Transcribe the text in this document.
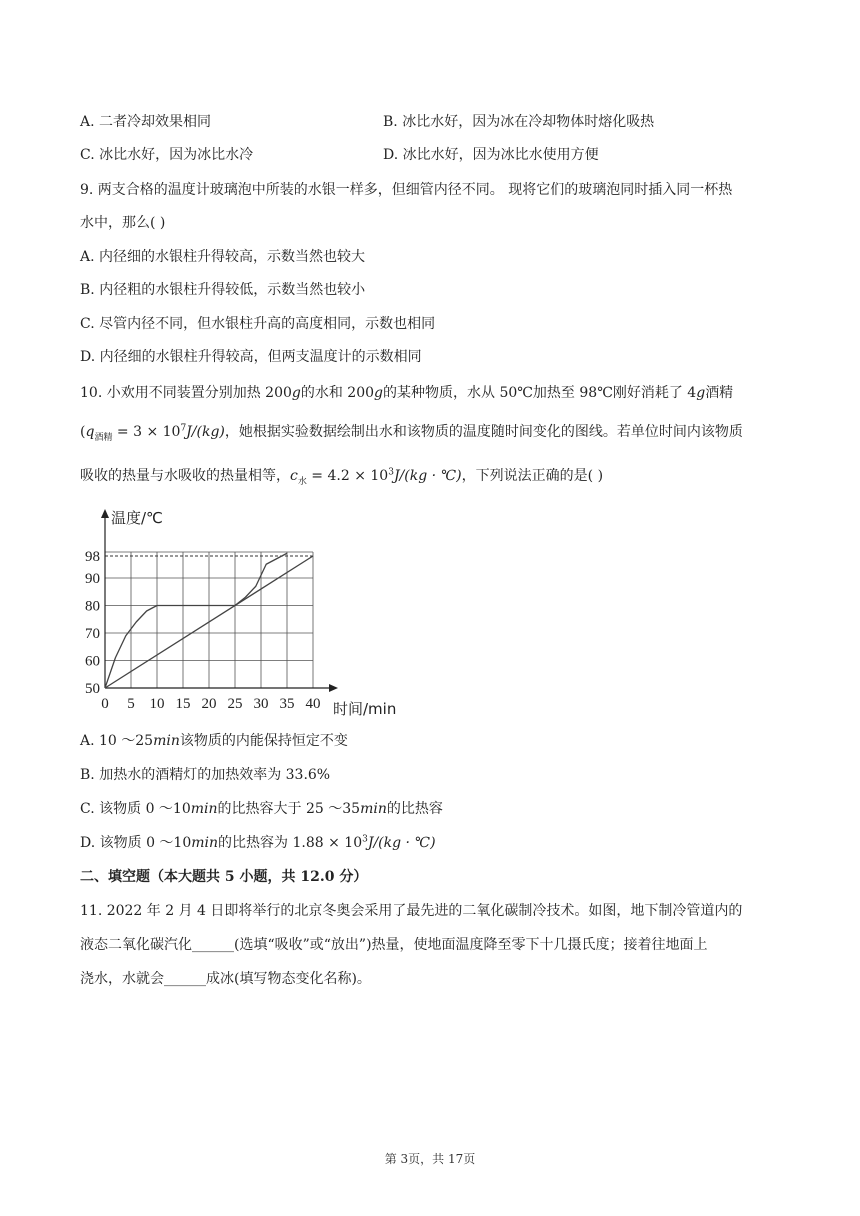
A. 二者冷却效果相同	B. 冰比水好，因为冰在冷却物体时熔化吸热
C. 冰比水好，因为冰比水冷	D. 冰比水好，因为冰比水使用方便
9. 两支合格的温度计玻璃泡中所装的水银一样多，但细管内径不同。 现将它们的玻璃泡同时插入同一杯热
水中，那么( )
A. 内径细的水银柱升得较高，示数当然也较大
B. 内径粗的水银柱升得较低，示数当然也较小
C. 尽管内径不同，但水银柱升高的高度相同，示数也相同
D. 内径细的水银柱升得较高，但两支温度计的示数相同
10. 小欢用不同装置分别加热 200g的水和 200g的某种物质，水从 50℃加热至 98℃刚好消耗了 4g酒精
($q_{酒精} = 3 \times 10^7J/(kg)$，她根据实验数据绘制出水和该物质的温度随时间变化的图线。若单位时间内该物质
吸收的热量与水吸收的热量相等，$c_水 = 4.2 \times 10^3J/(kg$ · ℃)，下列说法正确的是( )
0 5 10 15 20 25 30 35 40
50
60
70
80
90
98
温度/℃
时间/min
A. 10 ～25min该物质的内能保持恒定不变
B. 加热水的酒精灯的加热效率为 33.6%
C. 该物质 0 ～10min的比热容大于 25 ～35min的比热容
D. 该物质 0 ～10min的比热容为 $1.88 \times 10^3J/(kg$ · ℃)
二、填空题（本大题共 5 小题，共 12.0 分）
11. 2022 年 2 月 4 日即将举行的北京冬奥会采用了最先进的二氧化碳制冷技术。如图，地下制冷管道内的
液态二氧化碳汽化______(选填“吸收”或“放出”)热量，使地面温度降至零下十几摄氏度；接着往地面上
浇水，水就会______成冰(填写物态变化名称)。
第 3页，共 17页
